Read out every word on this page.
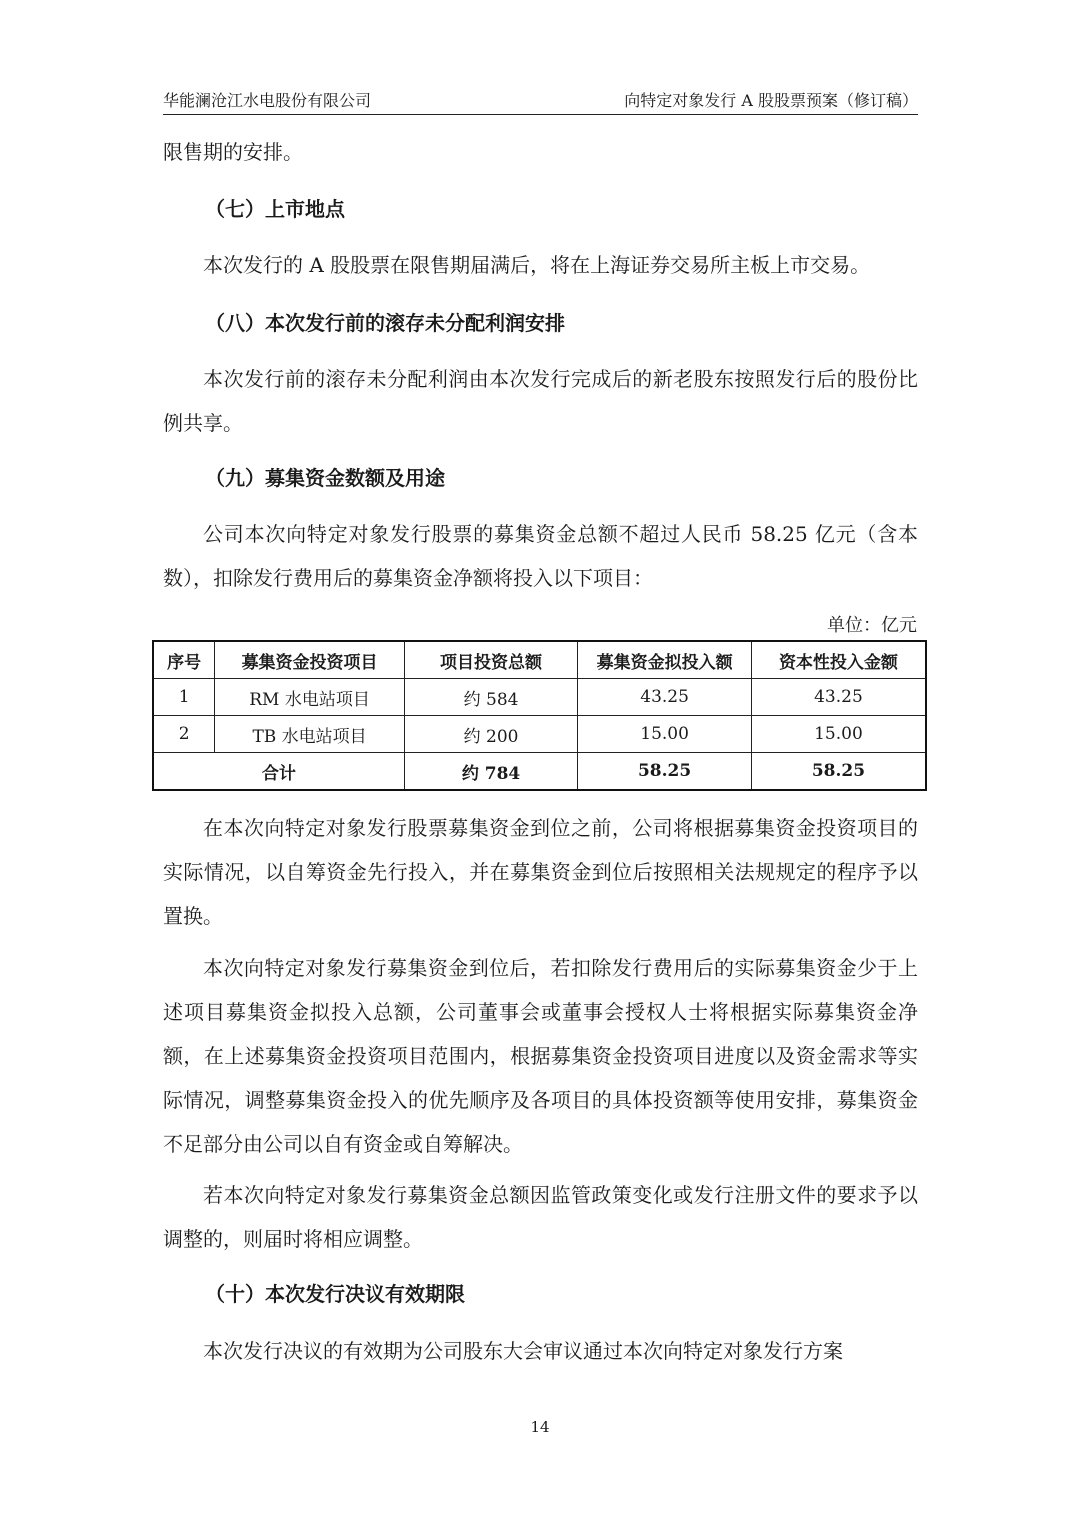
华能澜沧江水电股份有限公司	向特定对象发行 A 股股票预案（修订稿）

限售期的安排。

（七）上市地点

本次发行的 A 股股票在限售期届满后，将在上海证券交易所主板上市交易。

（八）本次发行前的滚存未分配利润安排

本次发行前的滚存未分配利润由本次发行完成后的新老股东按照发行后的股份比例共享。

（九）募集资金数额及用途

公司本次向特定对象发行股票的募集资金总额不超过人民币 58.25 亿元（含本数），扣除发行费用后的募集资金净额将投入以下项目：

单位：亿元
序号	募集资金投资项目	项目投资总额	募集资金拟投入额	资本性投入金额
1	RM 水电站项目	约 584	43.25	43.25
2	TB 水电站项目	约 200	15.00	15.00
合计		约 784	58.25	58.25

在本次向特定对象发行股票募集资金到位之前，公司将根据募集资金投资项目的实际情况，以自筹资金先行投入，并在募集资金到位后按照相关法规规定的程序予以置换。

本次向特定对象发行募集资金到位后，若扣除发行费用后的实际募集资金少于上述项目募集资金拟投入总额，公司董事会或董事会授权人士将根据实际募集资金净额，在上述募集资金投资项目范围内，根据募集资金投资项目进度以及资金需求等实际情况，调整募集资金投入的优先顺序及各项目的具体投资额等使用安排，募集资金不足部分由公司以自有资金或自筹解决。

若本次向特定对象发行募集资金总额因监管政策变化或发行注册文件的要求予以调整的，则届时将相应调整。

（十）本次发行决议有效期限

本次发行决议的有效期为公司股东大会审议通过本次向特定对象发行方案

14
